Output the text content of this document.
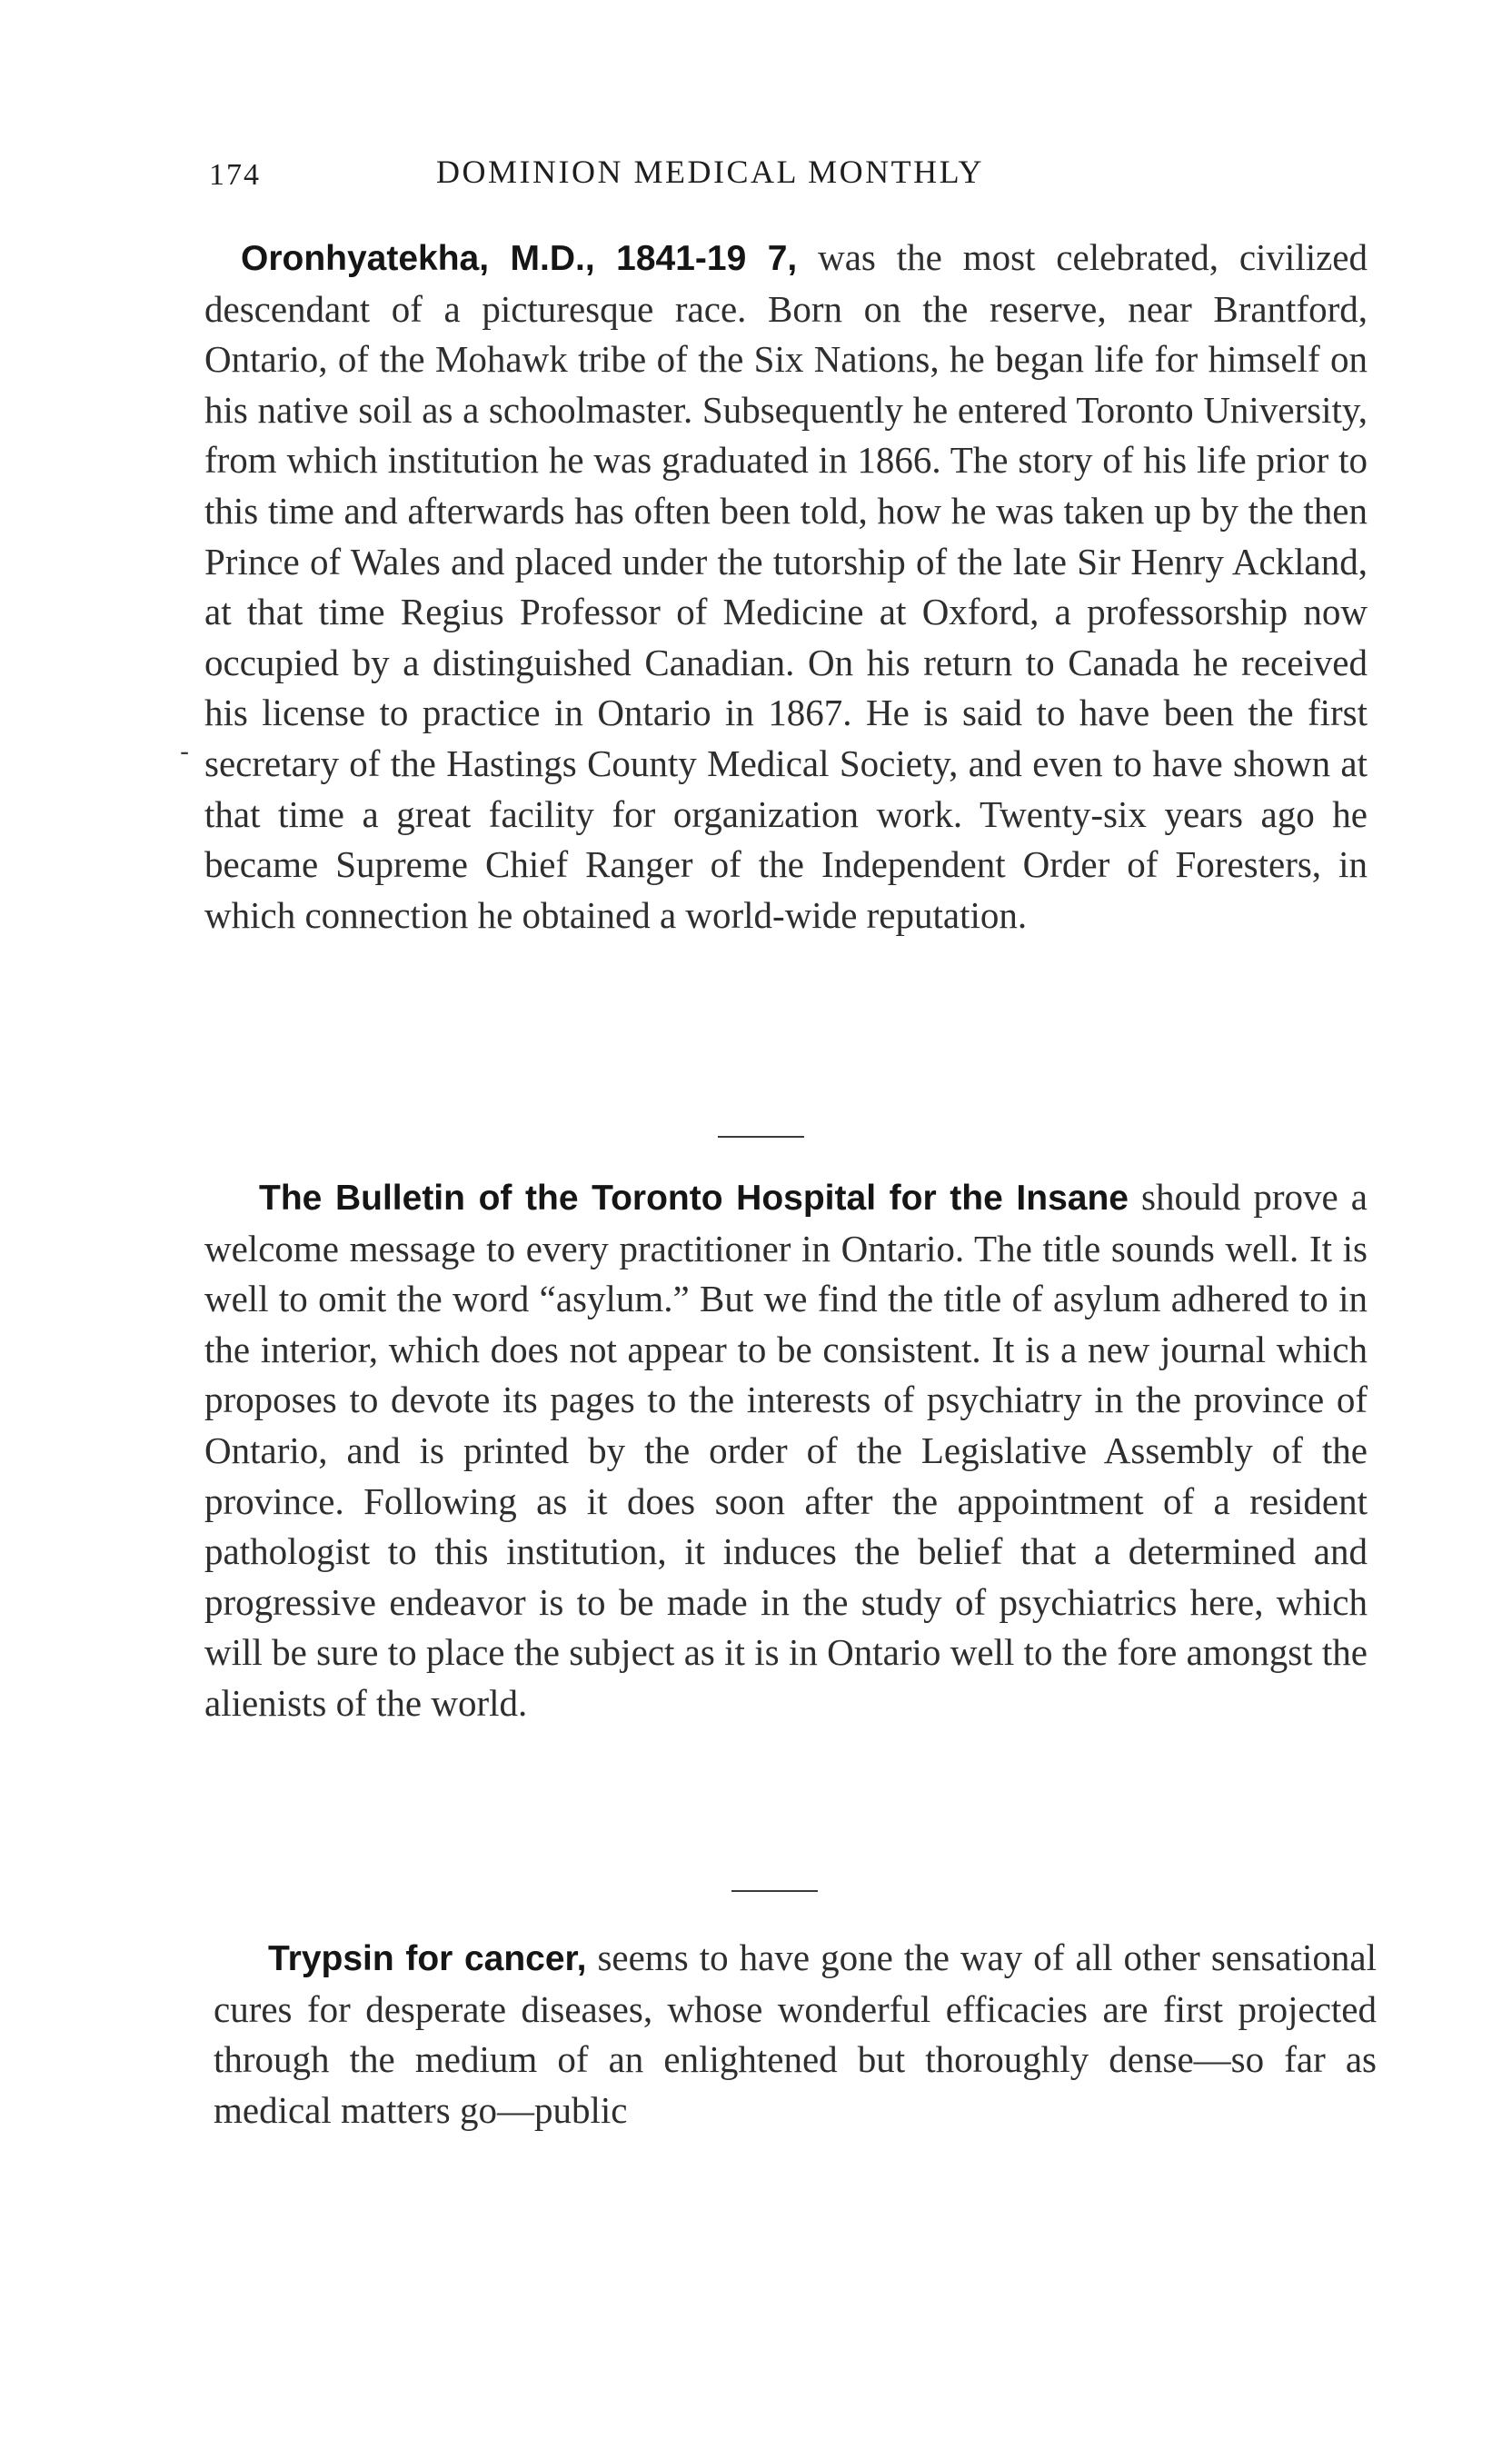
174	DOMINION MEDICAL MONTHLY
Oronhyatekha, M.D., 1841-19 7, was the most celebrated, civilized descendant of a picturesque race. Born on the reserve, near Brantford, Ontario, of the Mohawk tribe of the Six Nations, he began life for himself on his native soil as a schoolmaster. Subsequently he entered Toronto University, from which institution he was graduated in 1866. The story of his life prior to this time and afterwards has often been told, how he was taken up by the then Prince of Wales and placed under the tutorship of the late Sir Henry Ackland, at that time Regius Professor of Medicine at Oxford, a professorship now occupied by a distinguished Canadian. On his return to Canada he received his license to practice in Ontario in 1867. He is said to have been the first secretary of the Hastings County Medical Society, and even to have shown at that time a great facility for organization work. Twenty-six years ago he became Supreme Chief Ranger of the Independent Order of Foresters, in which connection he obtained a world-wide reputation.
-
The Bulletin of the Toronto Hospital for the Insane should prove a welcome message to every practitioner in Ontario. The title sounds well. It is well to omit the word “asylum.” But we find the title of asylum adhered to in the interior, which does not appear to be consistent. It is a new journal which proposes to devote its pages to the interests of psychiatry in the province of Ontario, and is printed by the order of the Legislative Assembly of the province. Following as it does soon after the appointment of a resident pathologist to this institution, it induces the belief that a determined and progressive endeavor is to be made in the study of psychiatrics here, which will be sure to place the subject as it is in Ontario well to the fore amongst the alienists of the world.
Trypsin for cancer, seems to have gone the way of all other sensational cures for desperate diseases, whose wonderful efficacies are first projected through the medium of an enlightened but thoroughly dense—so far as medical matters go—public
